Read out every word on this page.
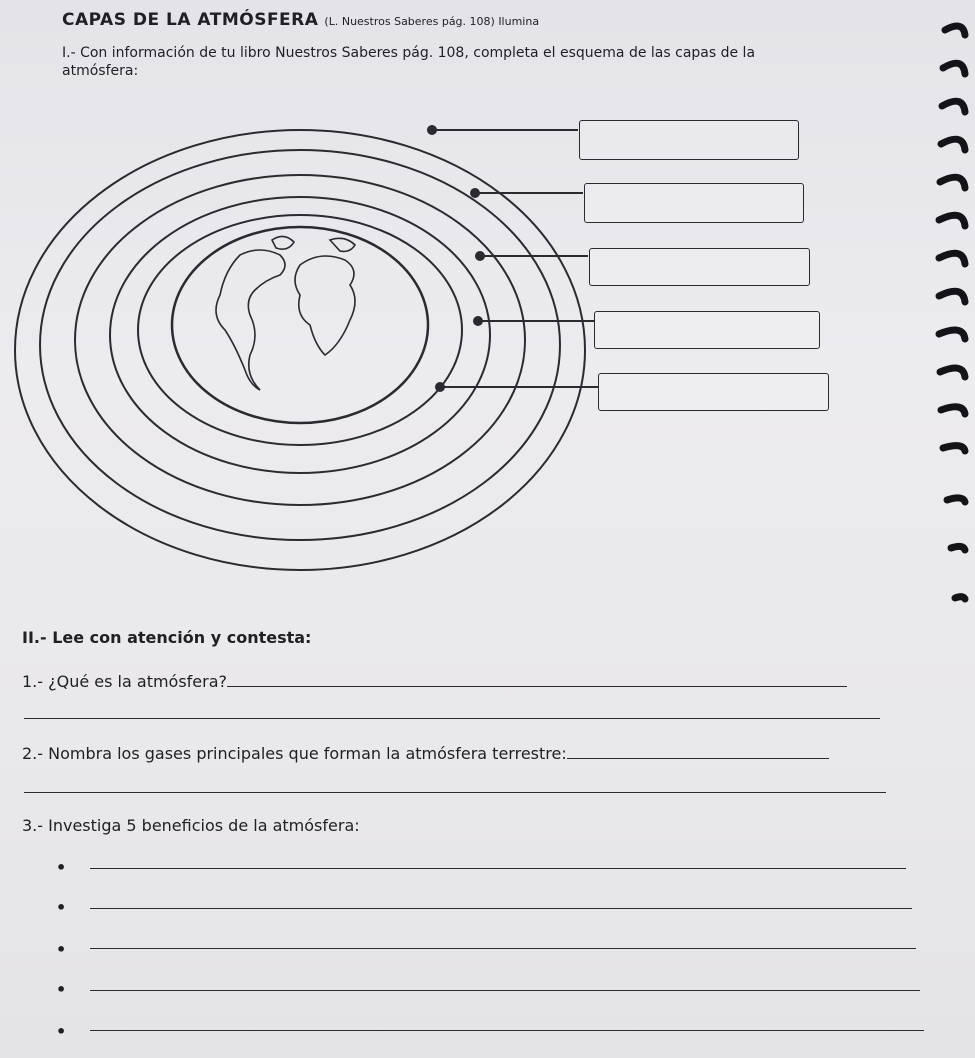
CAPAS DE LA ATMÓSFERA (L. Nuestros Saberes pág. 108) Ilumina
I.- Con información de tu libro Nuestros Saberes pág. 108, completa el esquema de las capas de la atmósfera:
II.- Lee con atención y contesta:
1.- ¿Qué es la atmósfera?
2.- Nombra los gases principales que forman la atmósfera terrestre:
3.- Investiga 5 beneficios de la atmósfera:
•
•
•
•
•
